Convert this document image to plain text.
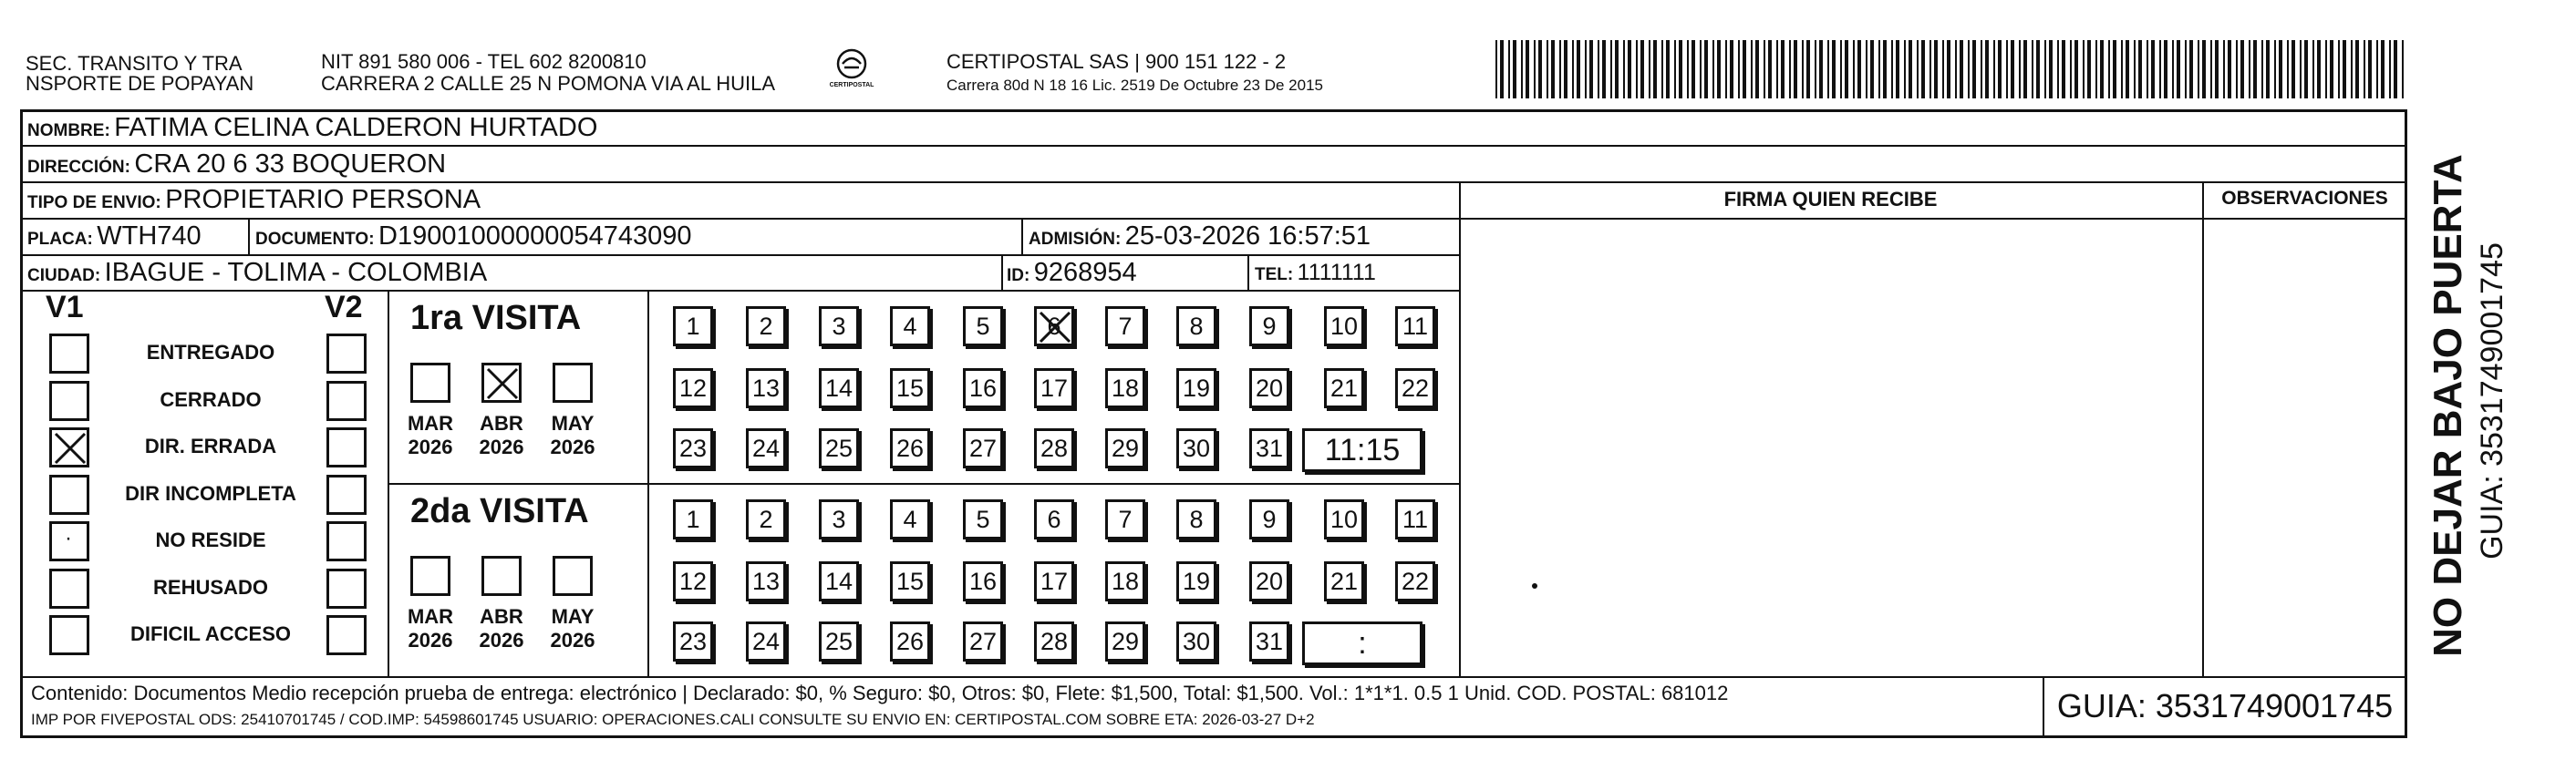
SEC. TRANSITO Y TRA
NSPORTE DE POPAYAN
NIT 891 580 006 - TEL 602 8200810
CARRERA 2 CALLE 25 N POMONA VIA AL HUILA	CERTIPOSTAL
CERTIPOSTAL SAS | 900 151 122 - 2
Carrera 80d N 18 16 Lic. 2519 De Octubre 23 De 2015
NOMBRE: FATIMA CELINA CALDERON HURTADO
DIRECCIÓN: CRA 20 6 33 BOQUERON
TIPO DE ENVIO: PROPIETARIO PERSONA
PLACA: WTH740	DOCUMENTO: D19001000000054743090	ADMISIÓN: 25-03-2026 16:57:51
CIUDAD: IBAGUE - TOLIMA - COLOMBIA	ID: 9268954	TEL: 1111111
FIRMA QUIEN RECIBE	OBSERVACIONES
V1	V2
ENTREGADO
CERRADO
DIR. ERRADA
DIR INCOMPLETA
·	NO RESIDE
REHUSADO
DIFICIL ACCESO
1ra VISITA
MAR
2026
ABR
2026
MAY
2026
1 2 3 4 5 6 7 8 9 10 11
12 13 14 15 16 17 18 19 20 21 22
23 24 25 26 27 28 29 30 31	11:15
2da VISITA
MAR
2026
ABR
2026
MAY
2026
1 2 3 4 5 6 7 8 9 10 11
12 13 14 15 16 17 18 19 20 21 22
23 24 25 26 27 28 29 30 31	:
Contenido: Documentos Medio recepción prueba de entrega: electrónico | Declarado: $0, % Seguro: $0, Otros: $0, Flete: $1,500, Total: $1,500. Vol.: 1*1*1. 0.5 1 Unid. COD. POSTAL: 681012
IMP POR FIVEPOSTAL ODS: 25410701745 / COD.IMP: 54598601745 USUARIO: OPERACIONES.CALI CONSULTE SU ENVIO EN: CERTIPOSTAL.COM SOBRE ETA: 2026-03-27 D+2	GUIA: 3531749001745
NO DEJAR BAJO PUERTA GUIA: 3531749001745
